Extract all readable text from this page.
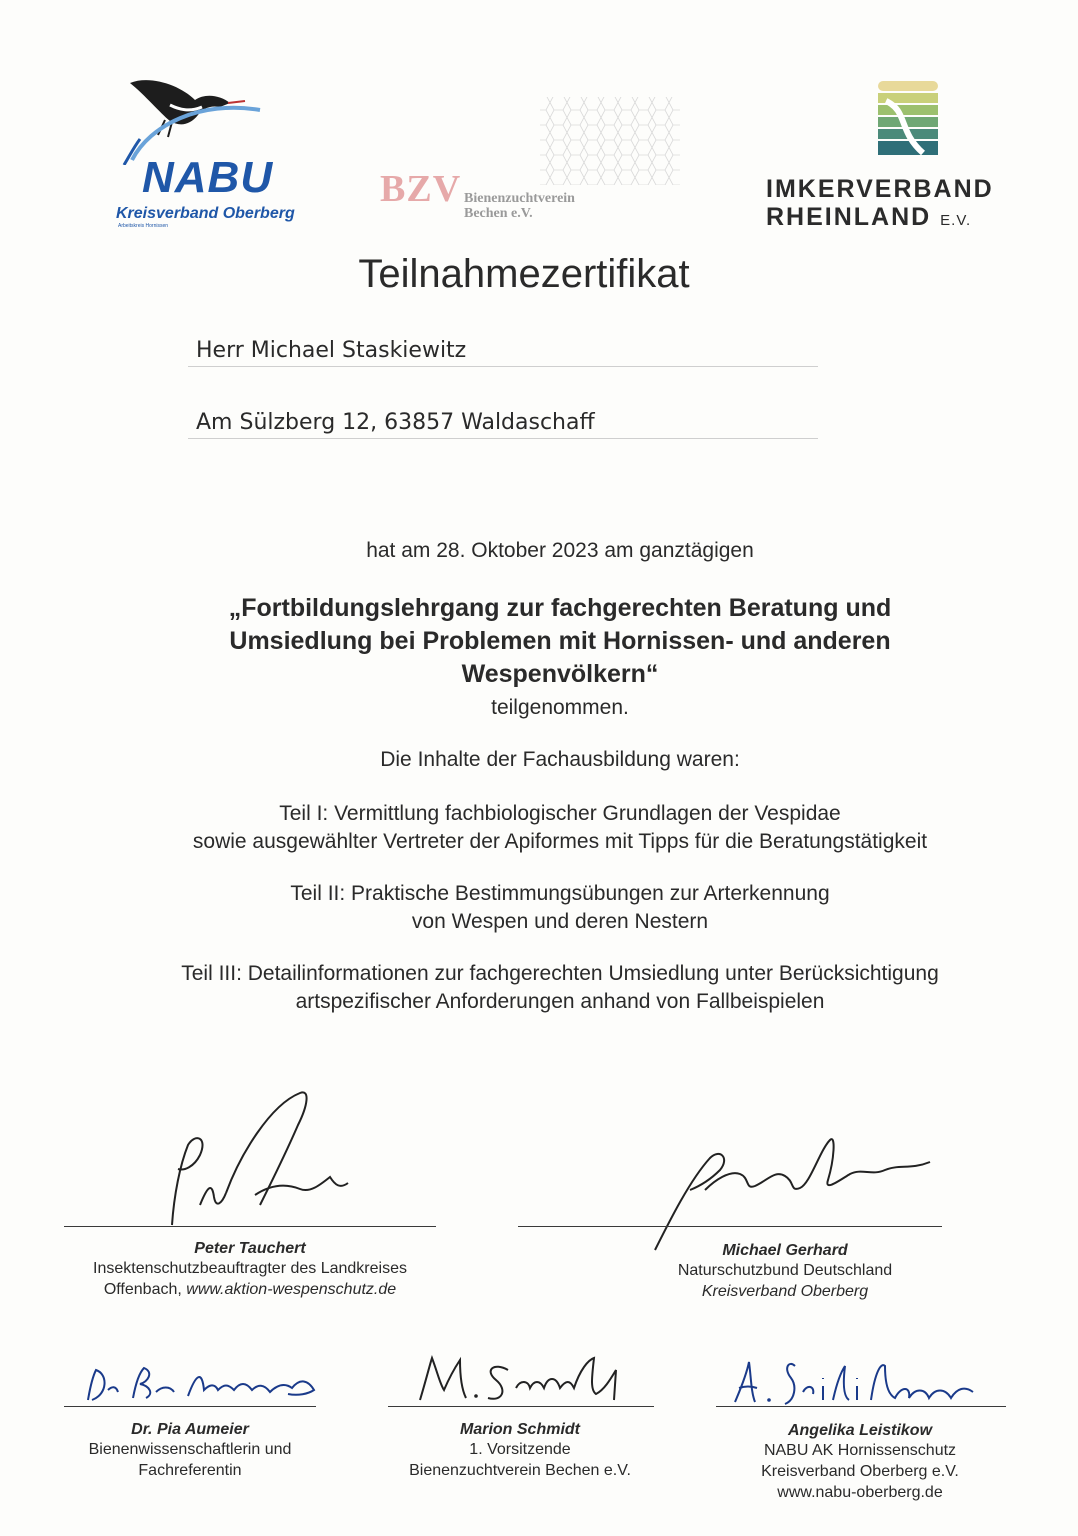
NABU
Kreisverband Oberberg
Arbeitskreis Hornissen
BZV Bienenzuchtverein
Bechen e.V.
IMKERVERBAND
RHEINLAND E.V.
Teilnahmezertifikat
Herr Michael Staskiewitz
Am Sülzberg 12, 63857 Waldaschaff
hat am 28. Oktober 2023 am ganztägigen
„Fortbildungslehrgang zur fachgerechten Beratung und
Umsiedlung bei Problemen mit Hornissen- und anderen
Wespenvölkern“
teilgenommen.
Die Inhalte der Fachausbildung waren:
Teil I: Vermittlung fachbiologischer Grundlagen der Vespidae
sowie ausgewählter Vertreter der Apiformes mit Tipps für die Beratungstätigkeit
Teil II: Praktische Bestimmungsübungen zur Arterkennung
von Wespen und deren Nestern
Teil III: Detailinformationen zur fachgerechten Umsiedlung unter Berücksichtigung
artspezifischer Anforderungen anhand von Fallbeispielen
Peter Tauchert
Insektenschutzbeauftragter des Landkreises
Offenbach, www.aktion-wespenschutz.de
Michael Gerhard
Naturschutzbund Deutschland
Kreisverband Oberberg
Dr. Pia Aumeier
Bienenwissenschaftlerin und
Fachreferentin
Marion Schmidt
1. Vorsitzende
Bienenzuchtverein Bechen e.V.
Angelika Leistikow
NABU AK Hornissenschutz
Kreisverband Oberberg e.V.
www.nabu-oberberg.de
